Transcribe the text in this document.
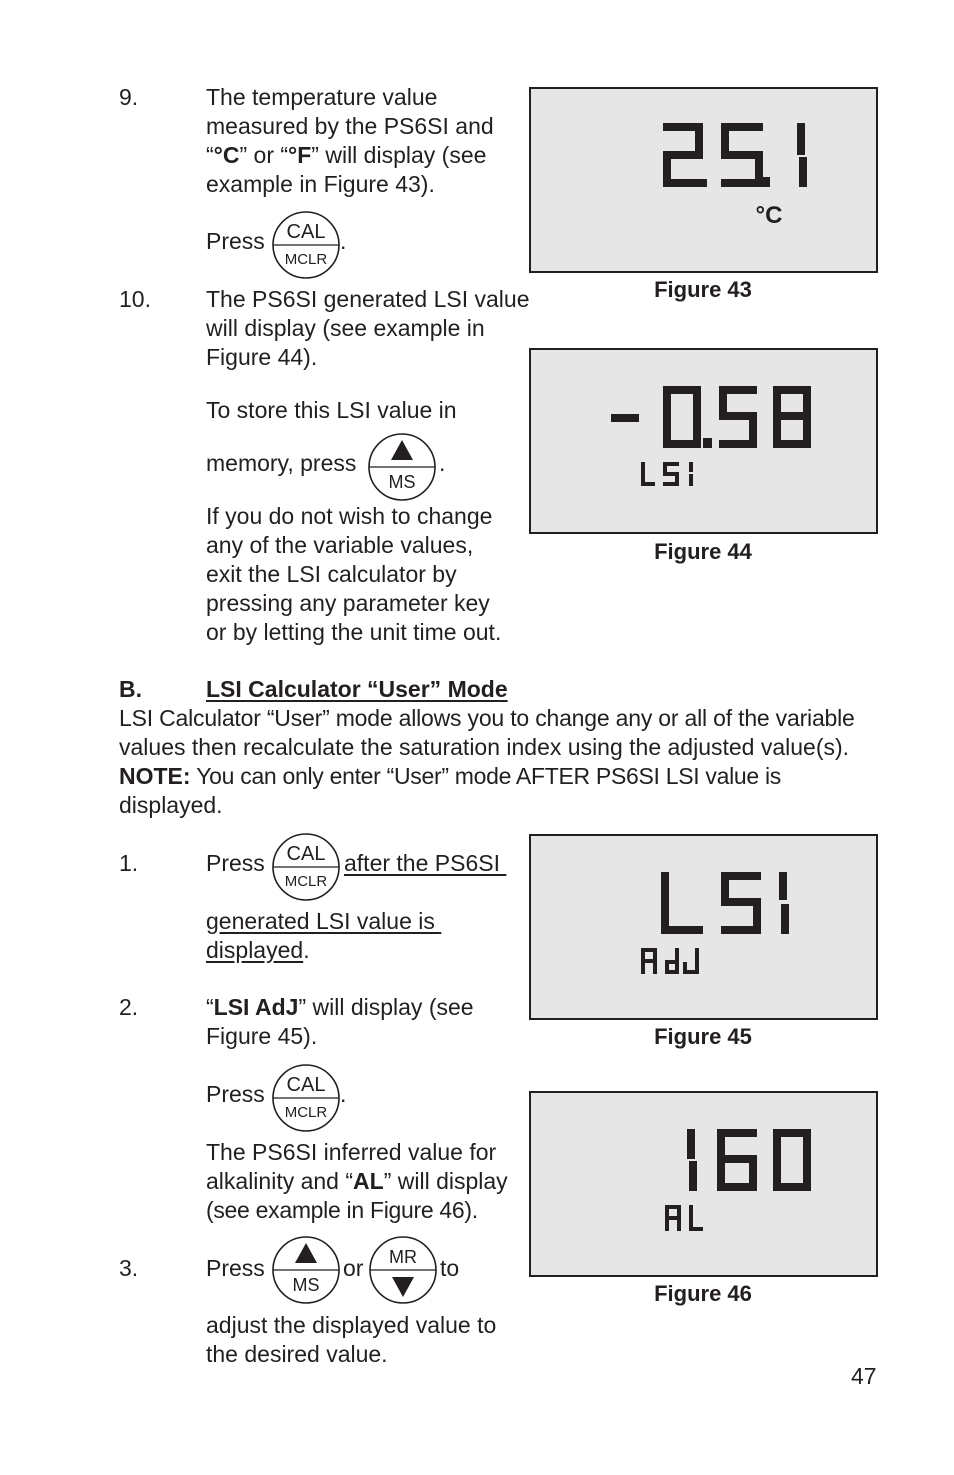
9.	The temperature value
measured by the PS6SI and
“°C” or “°F” will display (see
example in Figure 43).
Press CAL
MCLR
.
°C
Figure 43
10. The PS6SI generated LSI value
will display (see example in
Figure 44).
To store this LSI value in
memory, press
MS
.
If you do not wish to change
any of the variable values,
exit the LSI calculator by
pressing any parameter key
or by letting the unit time out.
Figure 44
B.	LSI Calculator “User” Mode
LSI Calculator “User” mode allows you to change any or all of the variable
values then recalculate the saturation index using the adjusted value(s).
NOTE: You can only enter “User” mode AFTER PS6SI LSI value is
displayed.
1.	Press CAL
MCLR
after the PS6SI
generated LSI value is
displayed.
Figure 45
2.	“LSI AdJ” will display (see
Figure 45).
Press CAL
MCLR
.
The PS6SI inferred value for
alkalinity and “AL” will display
(see example in Figure 46).
Figure 46
3.	Press
MS
or MR to
adjust the displayed value to
the desired value.
47
